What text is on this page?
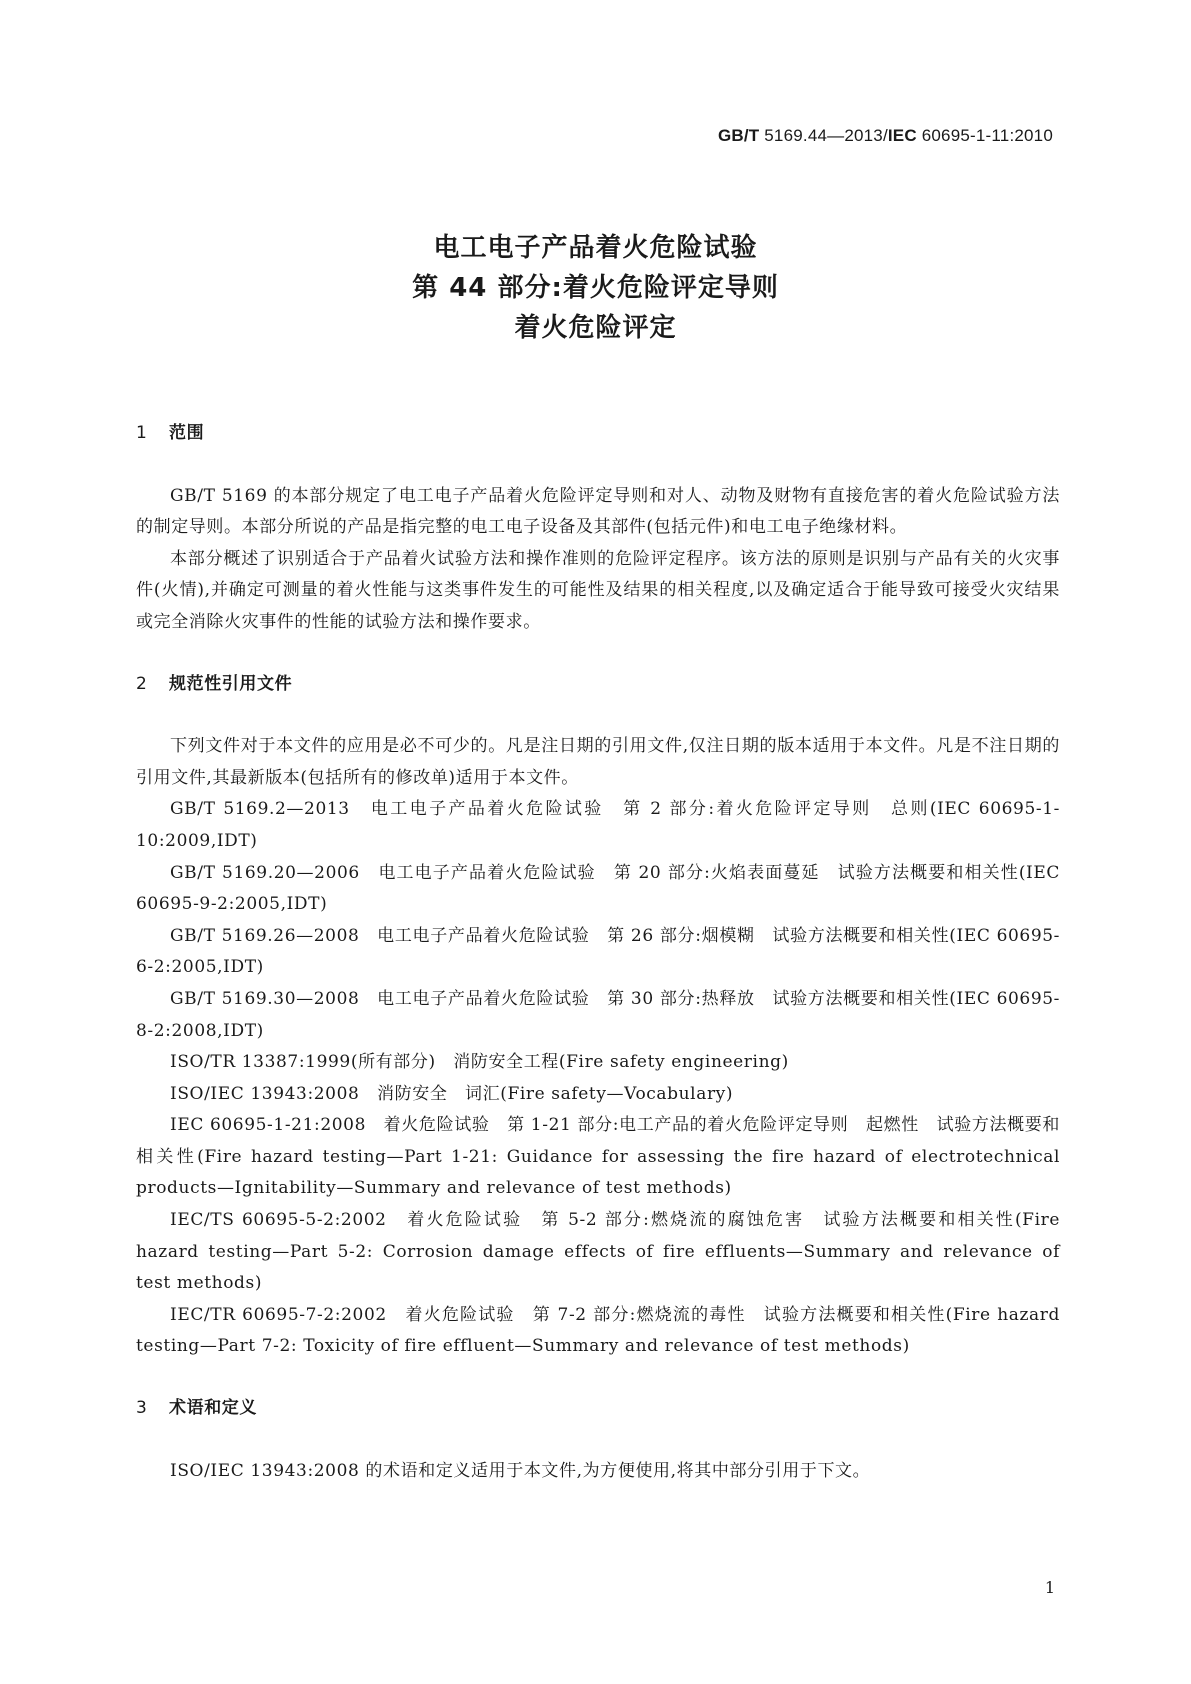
GB/T 5169.44—2013/IEC 60695-1-11:2010
电工电子产品着火危险试验
第 44 部分:着火危险评定导则
着火危险评定
1 范围

GB/T 5169 的本部分规定了电工电子产品着火危险评定导则和对人、动物及财物有直接危害的着火危险试验方法的制定导则。本部分所说的产品是指完整的电工电子设备及其部件(包括元件)和电工电子绝缘材料。

本部分概述了识别适合于产品着火试验方法和操作准则的危险评定程序。该方法的原则是识别与产品有关的火灾事件(火情),并确定可测量的着火性能与这类事件发生的可能性及结果的相关程度,以及确定适合于能导致可接受火灾结果或完全消除火灾事件的性能的试验方法和操作要求。

2 规范性引用文件

下列文件对于本文件的应用是必不可少的。凡是注日期的引用文件,仅注日期的版本适用于本文件。凡是不注日期的引用文件,其最新版本(包括所有的修改单)适用于本文件。

GB/T 5169.2—2013　电工电子产品着火危险试验　第 2 部分:着火危险评定导则　总则(IEC 60695-1-10:2009,IDT)

GB/T 5169.20—2006　电工电子产品着火危险试验　第 20 部分:火焰表面蔓延　试验方法概要和相关性(IEC 60695-9-2:2005,IDT)

GB/T 5169.26—2008　电工电子产品着火危险试验　第 26 部分:烟模糊　试验方法概要和相关性(IEC 60695-6-2:2005,IDT)

GB/T 5169.30—2008　电工电子产品着火危险试验　第 30 部分:热释放　试验方法概要和相关性(IEC 60695-8-2:2008,IDT)

ISO/TR 13387:1999(所有部分)　消防安全工程(Fire safety engineering)

ISO/IEC 13943:2008　消防安全　词汇(Fire safety—Vocabulary)

IEC 60695-1-21:2008　着火危险试验　第 1-21 部分:电工产品的着火危险评定导则　起燃性　试验方法概要和相关性(Fire hazard testing—Part 1-21: Guidance for assessing the fire hazard of electrotechnical products—Ignitability—Summary and relevance of test methods)

IEC/TS 60695-5-2:2002　着火危险试验　第 5-2 部分:燃烧流的腐蚀危害　试验方法概要和相关性(Fire hazard testing—Part 5-2: Corrosion damage effects of fire effluents—Summary and relevance of test methods)

IEC/TR 60695-7-2:2002　着火危险试验　第 7-2 部分:燃烧流的毒性　试验方法概要和相关性(Fire hazard testing—Part 7-2: Toxicity of fire effluent—Summary and relevance of test methods)

3 术语和定义

ISO/IEC 13943:2008 的术语和定义适用于本文件,为方便使用,将其中部分引用于下文。

1
